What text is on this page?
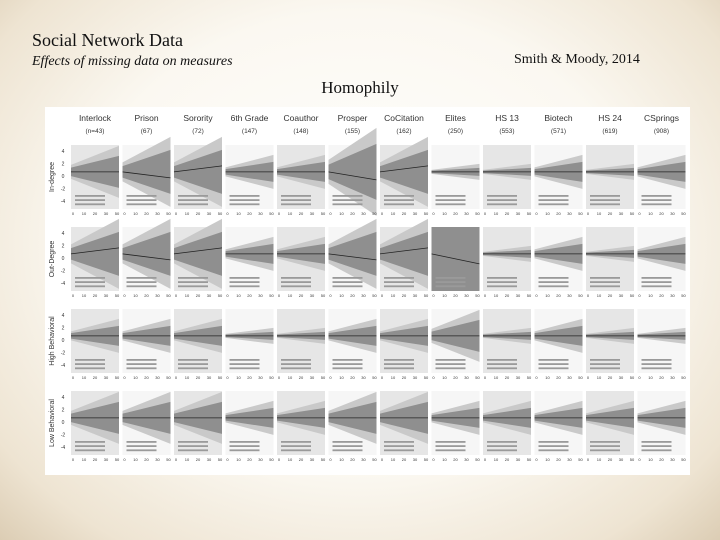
Social Network Data
Effects of missing data on measures	Smith & Moody, 2014
Homophily
Interlock
(n=43)
Prison
(67)
Sorority
(72)
6th Grade
(147)
Coauthor
(148)
Prosper
(155)
CoCitation
(162)
Elites
(250)
HS 13
(553)
Biotech
(571)
HS 24
(619)
CSprings
(908)
In-degree
4
2
0
-2
-4
0 10 20 30 50 0 10 20 30 50 0 10 20 30 50 0 10 20 30 50 0 10 20 30 50 0 10 20 30 50 0 10 20 30 50 0 10 20 30 50 0 10 20 30 50 0 10 20 30 50 0 10 20 30 50 0 10 20 30 50
Out-Degree
4
2
0
-2
-4
0 10 20 30 50 0 10 20 30 50 0 10 20 30 50 0 10 20 30 50 0 10 20 30 50 0 10 20 30 50 0 10 20 30 50 0 10 20 30 50 0 10 20 30 50 0 10 20 30 50 0 10 20 30 50 0 10 20 30 50
High Behavioral
4
2
0
-2
-4
0 10 20 30 50 0 10 20 30 50 0 10 20 30 50 0 10 20 30 50 0 10 20 30 50 0 10 20 30 50 0 10 20 30 50 0 10 20 30 50 0 10 20 30 50 0 10 20 30 50 0 10 20 30 50 0 10 20 30 50
Low Behavioral
4
2
0
-2
-4
0 10 20 30 50 0 10 20 30 50 0 10 20 30 50 0 10 20 30 50 0 10 20 30 50 0 10 20 30 50 0 10 20 30 50 0 10 20 30 50 0 10 20 30 50 0 10 20 30 50 0 10 20 30 50 0 10 20 30 50
